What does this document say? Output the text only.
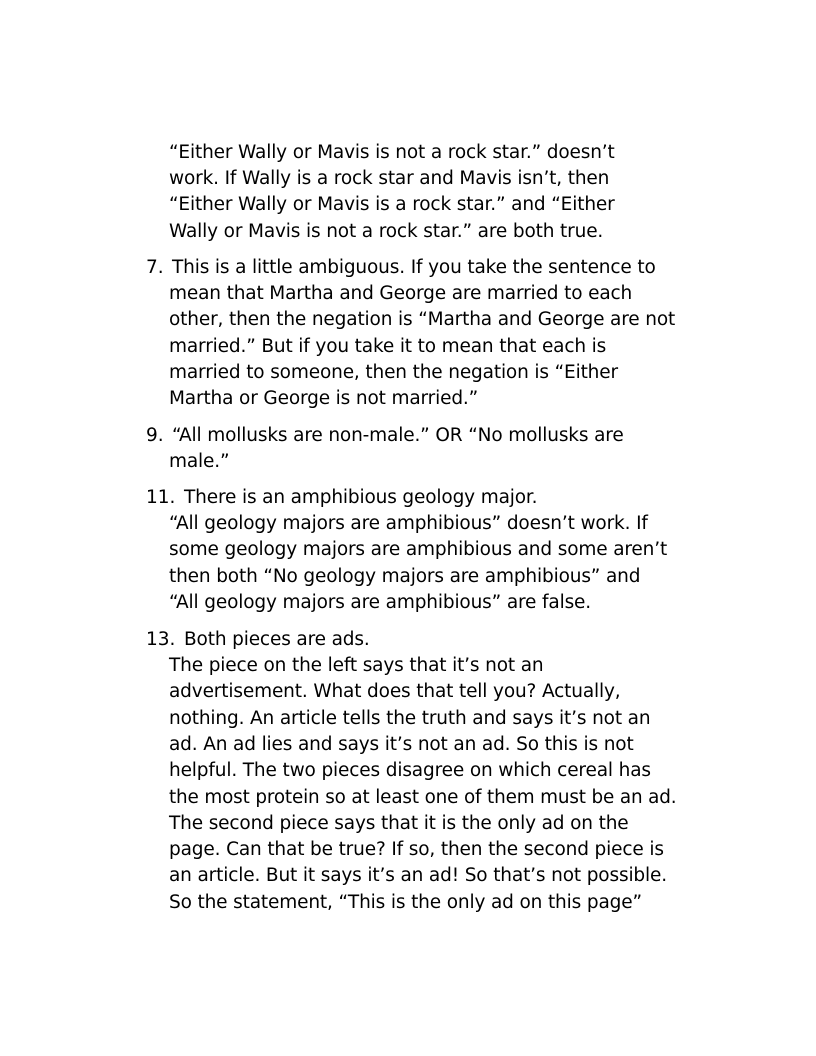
“Either Wally or Mavis is not a rock star.” doesn’t
work. If Wally is a rock star and Mavis isn’t, then
“Either Wally or Mavis is a rock star.” and “Either
Wally or Mavis is not a rock star.” are both true.
7. This is a little ambiguous. If you take the sentence to
mean that Martha and George are married to each
other, then the negation is “Martha and George are not
married.” But if you take it to mean that each is
married to someone, then the negation is “Either
Martha or George is not married.”
9. “All mollusks are non-male.” OR “No mollusks are
male.”
11. There is an amphibious geology major.
“All geology majors are amphibious” doesn’t work. If
some geology majors are amphibious and some aren’t
then both “No geology majors are amphibious” and
“All geology majors are amphibious” are false.
13. Both pieces are ads.
The piece on the left says that it’s not an
advertisement. What does that tell you? Actually,
nothing. An article tells the truth and says it’s not an
ad. An ad lies and says it’s not an ad. So this is not
helpful. The two pieces disagree on which cereal has
the most protein so at least one of them must be an ad.
The second piece says that it is the only ad on the
page. Can that be true? If so, then the second piece is
an article. But it says it’s an ad! So that’s not possible.
So the statement, “This is the only ad on this page”
